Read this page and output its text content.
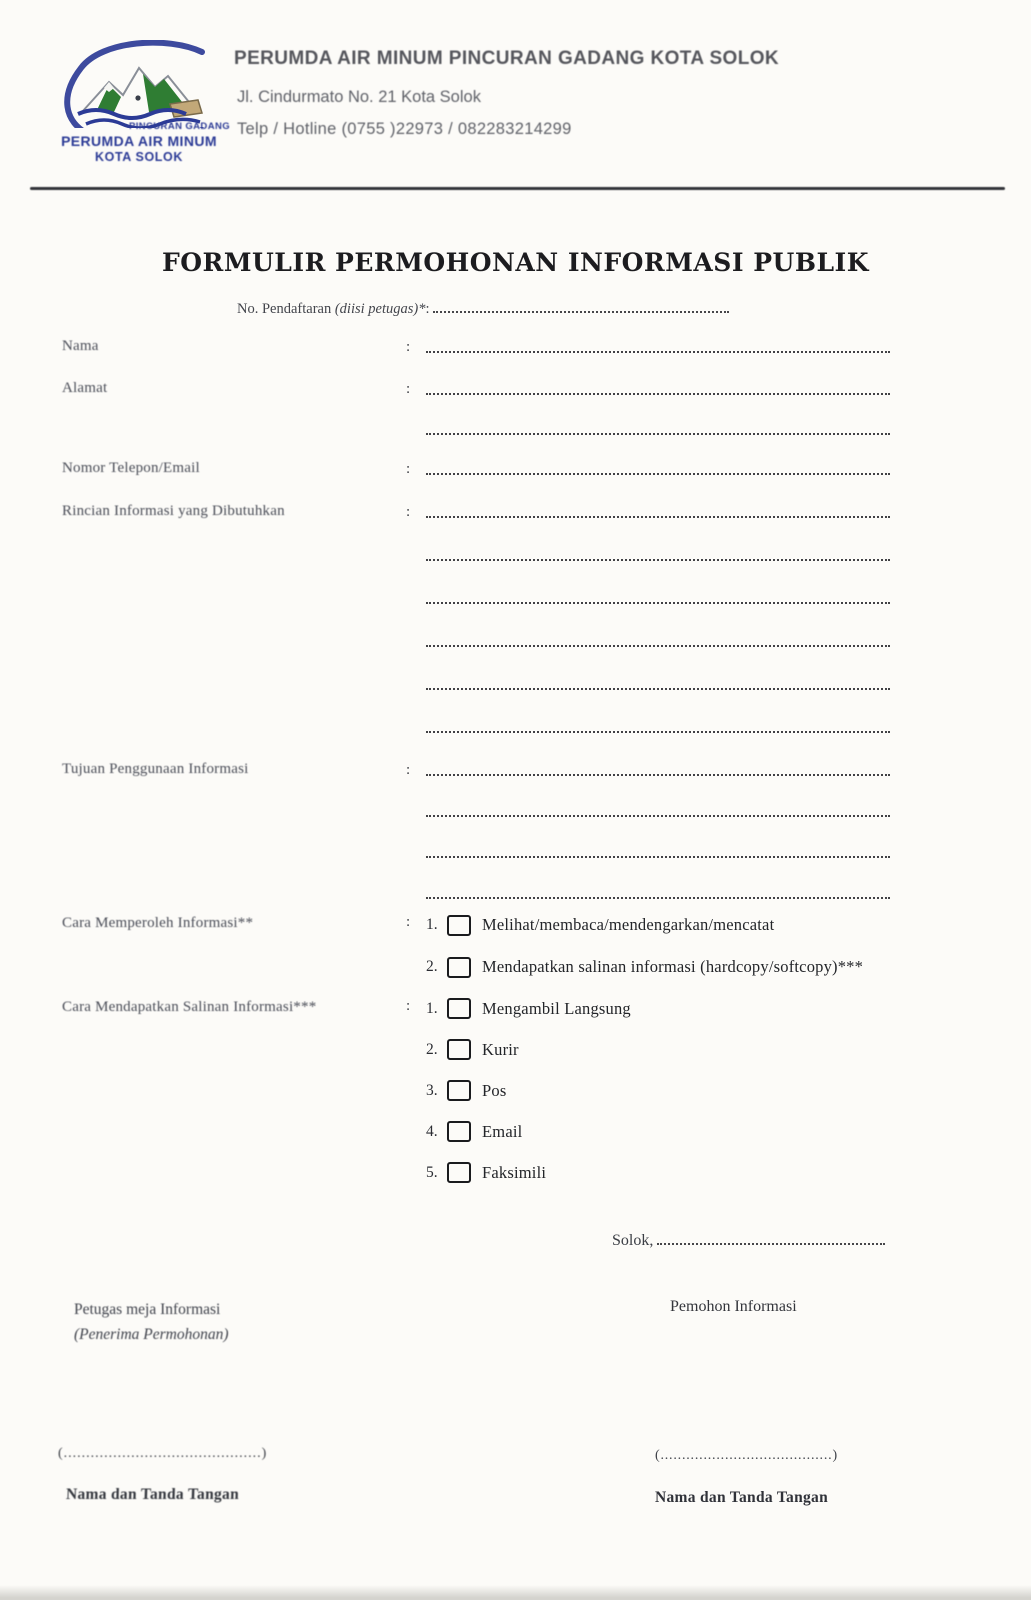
PINCURAN GADANG
PERUMDA AIR MINUM
KOTA SOLOK
PERUMDA AIR MINUM PINCURAN GADANG KOTA SOLOK
Jl. Cindurmato No. 21 Kota Solok
Telp / Hotline (0755 )22973 / 082283214299
FORMULIR PERMOHONAN INFORMASI PUBLIK
No. Pendaftaran (diisi petugas)*:
Nama	:
Alamat	:
Nomor Telepon/Email	:
Rincian Informasi yang Dibutuhkan	:
Tujuan Penggunaan Informasi	:
Cara Memperoleh Informasi**	: 1.	Melihat/membaca/mendengarkan/mencatat
2.	Mendapatkan salinan informasi (hardcopy/softcopy)***
Cara Mendapatkan Salinan Informasi***	: 1.	Mengambil Langsung
2.	Kurir
3.	Pos
4.	Email
5.	Faksimili
Solok,
Petugas meja Informasi
(Penerima Permohonan)
Pemohon Informasi
(............................................)	(........................................)
Nama dan Tanda Tangan	Nama dan Tanda Tangan
